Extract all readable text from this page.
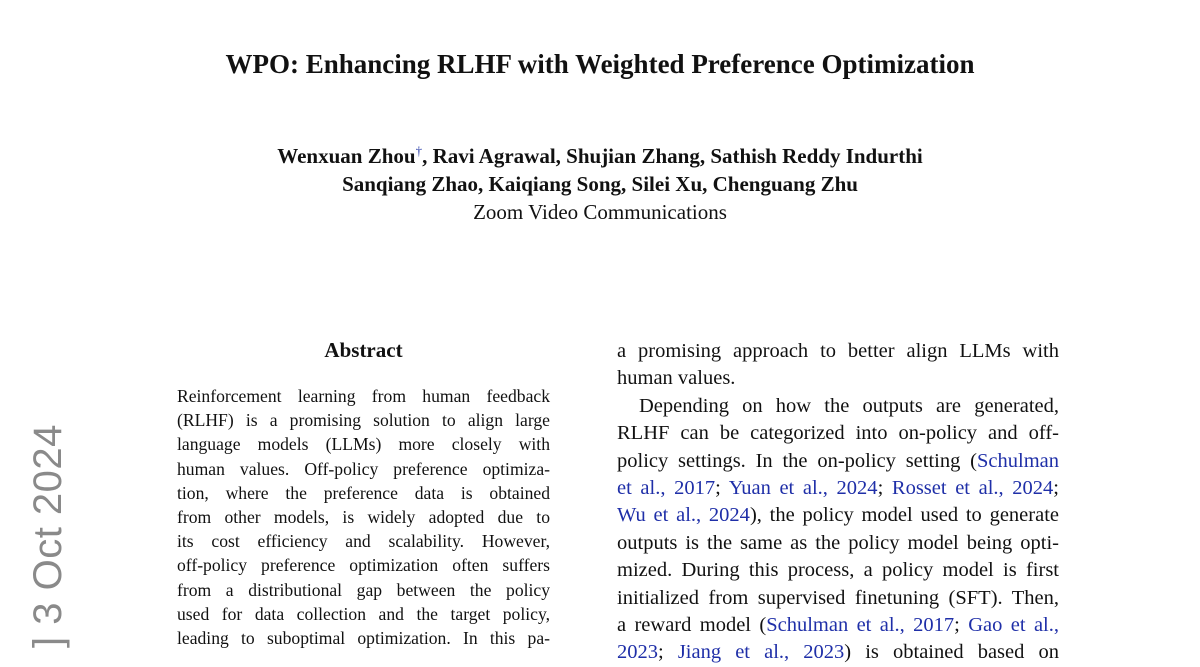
] 3 Oct 2024
WPO: Enhancing RLHF with Weighted Preference Optimization
Wenxuan Zhou†, Ravi Agrawal, Shujian Zhang, Sathish Reddy Indurthi
Sanqiang Zhao, Kaiqiang Song, Silei Xu, Chenguang Zhu
Zoom Video Communications
Abstract
Reinforcement learning from human feedback
(RLHF) is a promising solution to align large
language models (LLMs) more closely with
human values. Off-policy preference optimiza-
tion, where the preference data is obtained
from other models, is widely adopted due to
its cost efficiency and scalability. However,
off-policy preference optimization often suffers
from a distributional gap between the policy
used for data collection and the target policy,
leading to suboptimal optimization. In this pa-
a promising approach to better align LLMs with
human values.
Depending on how the outputs are generated,
RLHF can be categorized into on-policy and off-
policy settings. In the on-policy setting (Schulman
et al., 2017; Yuan et al., 2024; Rosset et al., 2024;
Wu et al., 2024), the policy model used to generate
outputs is the same as the policy model being opti-
mized. During this process, a policy model is first
initialized from supervised finetuning (SFT). Then,
a reward model (Schulman et al., 2017; Gao et al.,
2023; Jiang et al., 2023) is obtained based on
